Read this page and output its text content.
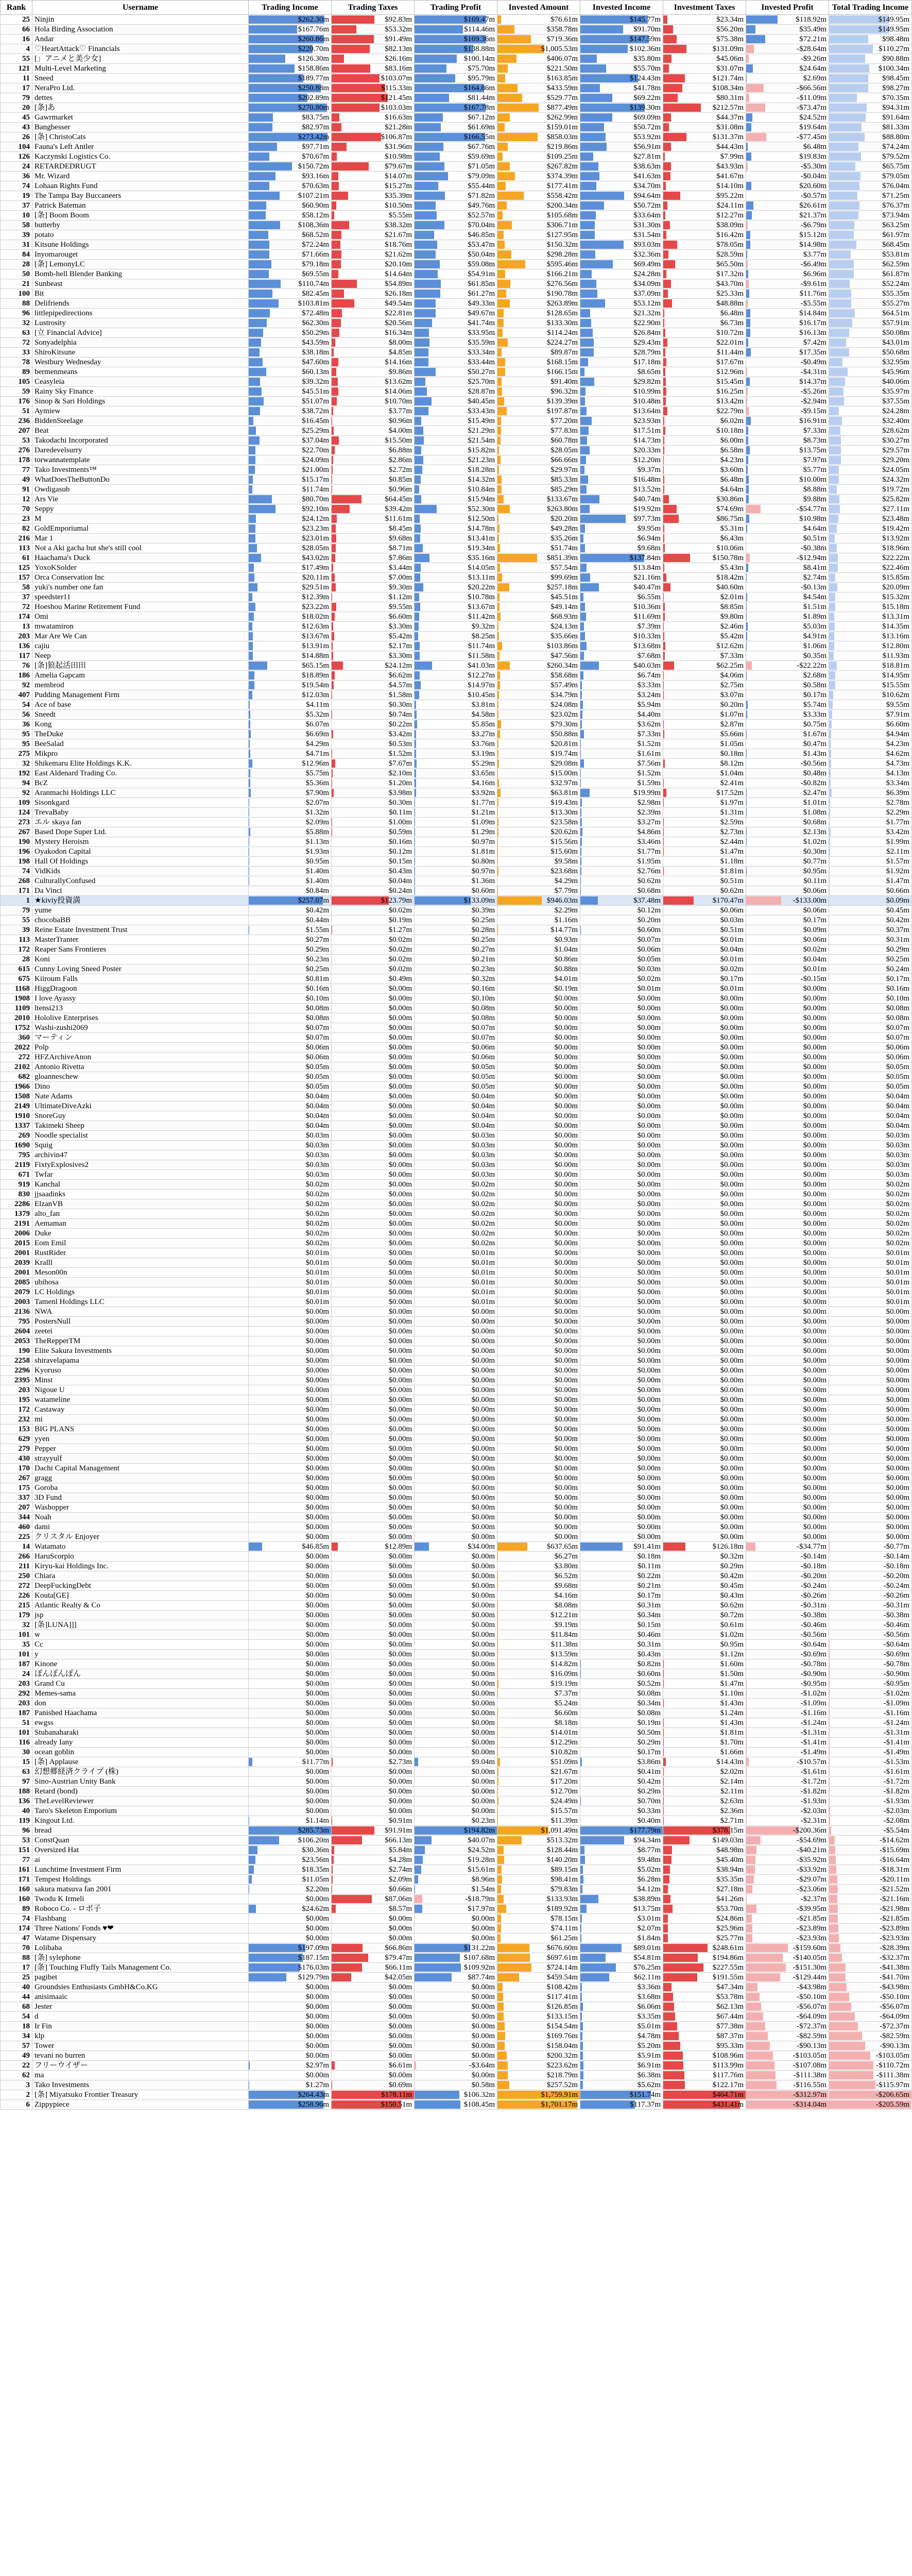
Rank	Username	Trading Income	Trading Taxes	Trading Profit	Invested Amount	Invested Income	Investment Taxes	Invested Profit	Total Trading Income
25	Ninjin	$262.30m	$92.83m	$169.47m	$76.61m	$145.77m	$23.34m	$118.92m	$149.95m
66	Hola Birding Association	$167.76m	$53.32m	$114.46m	$358.78m	$91.70m	$56.20m	$35.49m	$149.95m
16	Andar	$260.86m	$91.49m	$169.36m	$719.36m	$147.59m	$75.38m	$72.21m	$98.48m
4	♡HeartAttack♡ Financials	$220.70m	$82.13m	$138.88m	$1,005.53m	$102.36m	$131.09m	-$28.64m	$110.27m
55	[」アニメと美少女]	$126.30m	$26.16m	$100.14m	$406.07m	$35.80m	$45.06m	-$9.26m	$90.88m
121	Multi-Level Marketing	$158.86m	$83.16m	$75.70m	$221.50m	$55.70m	$31.07m	$24.64m	$100.34m
11	Sneed	$189.77m	$103.07m	$95.79m	$163.85m	$124.43m	$121.74m	$2.69m	$98.45m
17	NeraPro Ltd.	$250.88m	$115.33m	$164.86m	$433.59m	$41.78m	$108.34m	-$66.56m	$98.27m
79	dettes	$202.89m	$121.45m	$81.44m	$529.77m	$69.22m	$80.31m	-$11.09m	$70.35m
20	[条]あ	$270.80m	$103.03m	$167.78m	$877.49m	$139.30m	$212.57m	-$73.47m	$94.31m
45	Gawrmarket	$83.75m	$16.63m	$67.12m	$262.99m	$69.09m	$44.37m	$24.52m	$91.64m
43	Bangbesser	$82.97m	$21.28m	$61.69m	$159.01m	$50.72m	$31.08m	$19.64m	$81.33m
26	[条] ChristoCats	$273.42m	$106.87m	$166.55m	$858.03m	$53.92m	$131.37m	-$77.45m	$88.80m
104	Fauna's Left Antler	$97.71m	$31.96m	$67.76m	$219.86m	$56.91m	$44.43m	$6.48m	$74.24m
126	Kaczynski Logistics Co.	$70.67m	$10.98m	$59.69m	$109.25m	$27.81m	$7.99m	$19.83m	$79.52m
24	RETARDEDRUGT	$150.72m	$79.67m	$71.05m	$267.82m	$38.63m	$43.93m	-$5.30m	$65.75m
36	Mr. Wizard	$93.16m	$14.07m	$79.09m	$374.39m	$41.63m	$41.67m	-$0.04m	$79.05m
74	Lohaan Rights Fund	$70.63m	$15.27m	$55.44m	$177.41m	$34.70m	$14.10m	$20.60m	$76.04m
19	The Tampa Bay Buccaneers	$107.21m	$35.39m	$71.82m	$558.42m	$94.64m	$95.22m	-$0.57m	$71.25m
37	Patrick Bateman	$60.90m	$10.50m	$49.76m	$200.34m	$50.72m	$24.11m	$26.61m	$76.37m
10	[条] Boom Boom	$58.12m	$5.55m	$52.57m	$105.68m	$33.64m	$12.27m	$21.37m	$73.94m
58	butterby	$108.36m	$38.32m	$70.04m	$306.71m	$31.30m	$38.09m	-$6.79m	$63.25m
39	potato	$68.52m	$21.67m	$46.85m	$127.95m	$31.54m	$16.42m	$15.12m	$61.97m
31	Kitsune Holdings	$72.24m	$18.76m	$53.47m	$150.32m	$93.03m	$78.05m	$14.98m	$68.45m
84	Inyomarouget	$71.66m	$21.62m	$50.04m	$298.28m	$32.36m	$28.59m	$3.77m	$53.81m
28	[条] LemonyLC	$79.18m	$20.10m	$59.08m	$595.46m	$69.49m	$65.50m	-$6.49m	$62.59m
50	Bomb-hell Blender Banking	$69.55m	$14.64m	$54.91m	$166.21m	$24.28m	$17.32m	$6.96m	$61.87m
21	Sunbeast	$110.74m	$54.89m	$61.85m	$276.56m	$34.09m	$43.70m	-$9.61m	$52.24m
100	Bit	$82.45m	$26.18m	$61.27m	$190.78m	$37.09m	$25.33m	$11.76m	$55.35m
88	Delifriends	$103.81m	$49.54m	$49.33m	$263.89m	$53.12m	$48.88m	-$5.55m	$55.27m
96	littlepipedirections	$72.48m	$22.81m	$49.67m	$128.65m	$21.32m	$6.48m	$14.84m	$64.51m
32	Lustrosity	$62.30m	$20.56m	$41.74m	$133.30m	$22.90m	$6.73m	$16.17m	$57.91m
63	[立 Financial Advice]	$50.29m	$16.34m	$33.95m	$114.24m	$26.84m	$10.72m	$16.13m	$50.08m
72	Sonyadelphia	$43.59m	$8.00m	$35.59m	$224.27m	$29.43m	$22.01m	$7.42m	$43.01m
33	ShiroKitsune	$38.18m	$4.85m	$33.34m	$89.87m	$28.79m	$11.44m	$17.35m	$50.68m
78	Westbury Wednesday	$47.60m	$14.16m	$33.44m	$168.15m	$17.18m	$17.67m	-$0.49m	$32.95m
89	bermenmeans	$60.13m	$9.86m	$50.27m	$166.15m	$8.65m	$12.96m	-$4.31m	$45.96m
105	Ceasyleia	$39.32m	$13.62m	$25.70m	$91.40m	$29.82m	$15.45m	$14.37m	$40.06m
59	Rainy Sky Finance	$45.51m	$14.06m	$28.87m	$96.32m	$10.99m	$16.25m	-$5.26m	$35.97m
176	Sinop & Sari Holdings	$51.07m	$10.70m	$40.45m	$139.39m	$10.48m	$13.42m	-$2.94m	$37.55m
51	Aymiew	$38.72m	$3.77m	$33.43m	$197.87m	$13.64m	$22.79m	-$9.15m	$24.28m
236	BiddenSteelage	$16.45m	$0.96m	$15.49m	$77.20m	$23.93m	$6.02m	$16.91m	$32.40m
207	Beat	$25.29m	$4.00m	$21.29m	$77.83m	$17.51m	$10.18m	$7.33m	$28.62m
53	Takodachi Incorporated	$37.04m	$15.50m	$21.54m	$60.78m	$14.73m	$6.00m	$8.73m	$30.27m
276	Daredevelsurry	$22.70m	$6.88m	$15.82m	$28.05m	$20.33m	$6.58m	$13.75m	$29.57m
178	torwannatemplate	$24.09m	$2.86m	$21.23m	$66.66m	$12.20m	$4.23m	$7.97m	$29.20m
77	Tako Investments™	$21.00m	$2.72m	$18.28m	$29.97m	$9.37m	$3.60m	$5.77m	$24.05m
49	WhatDoesTheButtonDo	$15.17m	$0.85m	$14.32m	$85.33m	$16.48m	$6.48m	$10.00m	$24.32m
91	Owdigasub	$11.74m	$0.96m	$10.84m	$85.29m	$13.52m	$4.64m	$8.88m	$19.72m
12	Ars Vie	$80.70m	$64.45m	$15.94m	$133.67m	$40.74m	$30.86m	$9.88m	$25.82m
70	Seppy	$92.10m	$39.42m	$52.30m	$263.80m	$19.92m	$74.69m	-$54.77m	$27.11m
23	M	$24.12m	$11.61m	$12.50m	$20.20m	$97.73m	$86.75m	$10.98m	$23.48m
82	GoldEmporiumal	$23.23m	$8.45m	$14.78m	$49.28m	$9.95m	$5.31m	$4.64m	$19.42m
216	Mar 1	$23.01m	$9.68m	$13.41m	$35.26m	$6.94m	$6.43m	$0.51m	$13.92m
113	Not a Aki gacha but she's still cool	$28.05m	$8.71m	$19.34m	$51.74m	$9.68m	$10.06m	-$0.38m	$18.96m
61	Haachama's Duck	$43.02m	$7.86m	$35.16m	$851.39m	$137.84m	$150.78m	-$12.94m	$22.22m
125	YoxoKSolder	$17.49m	$3.44m	$14.05m	$57.54m	$13.84m	$5.43m	$8.41m	$22.46m
157	Orca Conservation Inc	$20.11m	$7.00m	$13.11m	$99.69m	$21.16m	$18.42m	$2.74m	$15.85m
58	yuki's number one fan	$29.51m	$9.30m	$20.22m	$257.18m	$40.47m	$40.60m	-$0.13m	$20.09m
37	speedster11	$12.39m	$1.12m	$10.78m	$45.51m	$6.55m	$2.01m	$4.54m	$15.32m
72	Hoeshou Marine Retirement Fund	$23.22m	$9.55m	$13.67m	$49.14m	$10.36m	$8.85m	$1.51m	$15.18m
174	Omi	$18.02m	$6.60m	$11.42m	$68.93m	$11.69m	$9.80m	$1.89m	$13.31m
13	mwatamiron	$12.63m	$3.30m	$9.32m	$24.13m	$7.39m	$2.46m	$5.03m	$14.35m
203	Mar Are We Can	$13.67m	$5.42m	$8.25m	$35.66m	$10.33m	$5.42m	$4.91m	$13.16m
136	cajiu	$13.91m	$2.17m	$11.74m	$103.86m	$13.68m	$12.62m	$1.06m	$12.80m
117	Neep	$14.88m	$3.30m	$11.58m	$47.56m	$7.68m	$7.33m	$0.35m	$11.93m
76	[条]狼起活田田	$65.15m	$24.12m	$41.03m	$260.34m	$40.03m	$62.25m	-$22.22m	$18.81m
186	Amelia Gapcam	$18.89m	$6.62m	$12.27m	$58.68m	$6.74m	$4.06m	$2.68m	$14.95m
92	membrod	$19.54m	$4.57m	$14.97m	$57.49m	$3.33m	$2.75m	$0.58m	$15.55m
407	Pudding Management Firm	$12.03m	$1.58m	$10.45m	$34.79m	$3.24m	$3.07m	$0.17m	$10.62m
54	Ace of base	$4.11m	$0.30m	$3.81m	$24.08m	$5.94m	$0.20m	$5.74m	$9.55m
56	Sneedt	$5.32m	$0.74m	$4.58m	$23.02m	$4.40m	$1.07m	$3.33m	$7.91m
36	Kong	$6.07m	$0.22m	$5.85m	$79.30m	$3.62m	$2.87m	$0.75m	$6.60m
95	TheDuke	$6.69m	$3.42m	$3.27m	$50.88m	$7.33m	$5.66m	$1.67m	$4.94m
95	BeeSalad	$4.29m	$0.53m	$3.76m	$20.81m	$1.52m	$1.05m	$0.47m	$4.23m
275	Mikpro	$4.71m	$1.52m	$3.19m	$19.74m	$1.61m	$0.18m	$1.43m	$4.62m
32	Shikemaru Elite Holdings K.K.	$12.96m	$7.67m	$5.29m	$29.08m	$7.56m	$8.12m	-$0.56m	$4.73m
192	East Aldenard Trading Co.	$5.75m	$2.10m	$3.65m	$15.00m	$1.52m	$1.04m	$0.48m	$4.13m
94	BcZ	$5.36m	$1.20m	$4.16m	$32.97m	$1.59m	$2.41m	-$0.82m	$3.34m
92	Aranmachi Holdings LLC	$7.90m	$3.98m	$3.92m	$63.81m	$19.99m	$17.52m	$2.47m	$6.39m
109	Sisonkgard	$2.07m	$0.30m	$1.77m	$19.43m	$2.98m	$1.97m	$1.01m	$2.78m
124	TrevaBaby	$1.32m	$0.11m	$1.21m	$13.30m	$2.39m	$1.31m	$1.08m	$2.29m
273	エル skaya fan	$2.09m	$1.00m	$1.09m	$23.58m	$3.27m	$2.59m	$0.68m	$1.77m
267	Based Dope Super Ltd.	$5.88m	$0.59m	$1.29m	$20.62m	$4.86m	$2.73m	$2.13m	$3.42m
190	Mystery Heroism	$1.13m	$0.16m	$0.97m	$15.56m	$3.46m	$2.44m	$1.02m	$1.99m
196	Oyakodon Capital	$1.93m	$0.12m	$1.81m	$15.60m	$1.77m	$1.47m	$0.30m	$2.11m
198	Hall Of Holdings	$0.95m	$0.15m	$0.80m	$9.58m	$1.95m	$1.18m	$0.77m	$1.57m
74	VidKids	$1.40m	$0.43m	$0.97m	$23.68m	$2.76m	$1.81m	$0.95m	$1.92m
268	CulturallyConfused	$1.40m	$0.04m	$1.36m	$4.29m	$0.62m	$0.51m	$0.11m	$1.47m
171	Da Vinci	$0.84m	$0.24m	$0.60m	$7.79m	$0.68m	$0.62m	$0.06m	$0.66m
1	★kiviy投資満	$257.07m	$123.79m	$133.09m	$946.03m	$37.48m	$170.47m	-$133.00m	$0.09m
79	yume	$0.42m	$0.02m	$0.39m	$2.29m	$0.12m	$0.06m	$0.06m	$0.45m
55	chocobaBB	$0.44m	$0.19m	$0.25m	$1.16m	$0.20m	$0.03m	$0.17m	$0.42m
39	Reine Estate Investment Trust	$1.55m	$1.27m	$0.28m	$14.77m	$0.60m	$0.51m	$0.09m	$0.37m
113	MasterTranter	$0.27m	$0.02m	$0.25m	$0.93m	$0.07m	$0.01m	$0.06m	$0.31m
172	Reaper Sans Frontieres	$0.29m	$0.02m	$0.27m	$1.04m	$0.06m	$0.04m	$0.02m	$0.29m
28	Koni	$0.23m	$0.02m	$0.21m	$0.86m	$0.05m	$0.01m	$0.04m	$0.25m
615	Cunny Loving Sneed Poster	$0.25m	$0.02m	$0.23m	$0.88m	$0.03m	$0.02m	$0.01m	$0.24m
675	Kiiroum Falls	$0.81m	$0.49m	$0.32m	$4.01m	$0.02m	$0.17m	-$0.15m	$0.17m
1168	HiggDragoon	$0.16m	$0.00m	$0.16m	$0.19m	$0.01m	$0.01m	$0.00m	$0.16m
1908	I love Ayassy	$0.10m	$0.00m	$0.10m	$0.00m	$0.00m	$0.00m	$0.00m	$0.10m
1109	ltensi213	$0.08m	$0.00m	$0.08m	$0.00m	$0.00m	$0.00m	$0.00m	$0.08m
2010	Hololive Enterprises	$0.08m	$0.00m	$0.08m	$0.00m	$0.00m	$0.00m	$0.00m	$0.08m
1752	Washi-zushi2069	$0.07m	$0.00m	$0.07m	$0.00m	$0.00m	$0.00m	$0.00m	$0.07m
360	マーティン	$0.07m	$0.00m	$0.07m	$0.00m	$0.00m	$0.00m	$0.00m	$0.07m
2022	Polp	$0.06m	$0.00m	$0.06m	$0.00m	$0.00m	$0.00m	$0.00m	$0.06m
272	HFZArchiveAnon	$0.06m	$0.00m	$0.06m	$0.00m	$0.00m	$0.00m	$0.00m	$0.06m
2102	Antonio Rivetta	$0.05m	$0.00m	$0.05m	$0.00m	$0.00m	$0.00m	$0.00m	$0.05m
682	gloanneschew	$0.05m	$0.00m	$0.05m	$0.00m	$0.00m	$0.00m	$0.00m	$0.05m
1966	Dino	$0.05m	$0.00m	$0.05m	$0.00m	$0.00m	$0.00m	$0.00m	$0.05m
1508	Nate Adams	$0.04m	$0.00m	$0.04m	$0.00m	$0.00m	$0.00m	$0.00m	$0.04m
2149	UltimateDiveAzki	$0.04m	$0.00m	$0.04m	$0.00m	$0.00m	$0.00m	$0.00m	$0.04m
1910	SnoreGuy	$0.04m	$0.00m	$0.04m	$0.00m	$0.00m	$0.00m	$0.00m	$0.04m
1337	Takimeki Sheep	$0.04m	$0.00m	$0.04m	$0.00m	$0.00m	$0.00m	$0.00m	$0.04m
269	Noodle specialist	$0.03m	$0.00m	$0.03m	$0.00m	$0.00m	$0.00m	$0.00m	$0.03m
1690	Squig	$0.03m	$0.00m	$0.03m	$0.00m	$0.00m	$0.00m	$0.00m	$0.03m
795	archivin47	$0.03m	$0.00m	$0.03m	$0.00m	$0.00m	$0.00m	$0.00m	$0.03m
2119	FixtyExplosives2	$0.03m	$0.00m	$0.03m	$0.00m	$0.00m	$0.00m	$0.00m	$0.03m
671	Twfar	$0.03m	$0.00m	$0.03m	$0.00m	$0.00m	$0.00m	$0.00m	$0.03m
919	Kanchal	$0.02m	$0.00m	$0.02m	$0.00m	$0.00m	$0.00m	$0.00m	$0.02m
830	jjsaadinks	$0.02m	$0.00m	$0.02m	$0.00m	$0.00m	$0.00m	$0.00m	$0.02m
2286	ElzanVB	$0.02m	$0.00m	$0.02m	$0.00m	$0.00m	$0.00m	$0.00m	$0.02m
1379	alto_fan	$0.02m	$0.00m	$0.02m	$0.00m	$0.00m	$0.00m	$0.00m	$0.02m
2191	Aemaman	$0.02m	$0.00m	$0.02m	$0.00m	$0.00m	$0.00m	$0.00m	$0.02m
2006	Duke	$0.02m	$0.00m	$0.02m	$0.00m	$0.00m	$0.00m	$0.00m	$0.02m
2015	Eom Emil	$0.02m	$0.00m	$0.02m	$0.00m	$0.00m	$0.00m	$0.00m	$0.02m
2001	RustRider	$0.01m	$0.00m	$0.01m	$0.00m	$0.00m	$0.00m	$0.00m	$0.01m
2039	Kralll	$0.01m	$0.00m	$0.01m	$0.00m	$0.00m	$0.00m	$0.00m	$0.01m
2001	Meson00n	$0.01m	$0.00m	$0.01m	$0.00m	$0.00m	$0.00m	$0.00m	$0.01m
2085	ubihosa	$0.01m	$0.00m	$0.01m	$0.00m	$0.00m	$0.00m	$0.00m	$0.01m
2079	LC Holdings	$0.01m	$0.00m	$0.01m	$0.00m	$0.00m	$0.00m	$0.00m	$0.01m
2003	Tamenl Holdings LLC	$0.01m	$0.00m	$0.01m	$0.00m	$0.00m	$0.00m	$0.00m	$0.01m
2136	NWA	$0.00m	$0.00m	$0.00m	$0.00m	$0.00m	$0.00m	$0.00m	$0.00m
795	PostersNull	$0.00m	$0.00m	$0.00m	$0.00m	$0.00m	$0.00m	$0.00m	$0.00m
2604	zeetei	$0.00m	$0.00m	$0.00m	$0.00m	$0.00m	$0.00m	$0.00m	$0.00m
2053	TheRepperTM	$0.00m	$0.00m	$0.00m	$0.00m	$0.00m	$0.00m	$0.00m	$0.00m
190	Elite Sakura Investments	$0.00m	$0.00m	$0.00m	$0.00m	$0.00m	$0.00m	$0.00m	$0.00m
2258	shiravelapama	$0.00m	$0.00m	$0.00m	$0.00m	$0.00m	$0.00m	$0.00m	$0.00m
2296	Kyoruso	$0.00m	$0.00m	$0.00m	$0.00m	$0.00m	$0.00m	$0.00m	$0.00m
2395	Minst	$0.00m	$0.00m	$0.00m	$0.00m	$0.00m	$0.00m	$0.00m	$0.00m
203	Nigoue U	$0.00m	$0.00m	$0.00m	$0.00m	$0.00m	$0.00m	$0.00m	$0.00m
195	watameline	$0.00m	$0.00m	$0.00m	$0.00m	$0.00m	$0.00m	$0.00m	$0.00m
172	Castaway	$0.00m	$0.00m	$0.00m	$0.00m	$0.00m	$0.00m	$0.00m	$0.00m
232	mi	$0.00m	$0.00m	$0.00m	$0.00m	$0.00m	$0.00m	$0.00m	$0.00m
153	BIG PLANS	$0.00m	$0.00m	$0.00m	$0.00m	$0.00m	$0.00m	$0.00m	$0.00m
629	yyen	$0.00m	$0.00m	$0.00m	$0.00m	$0.00m	$0.00m	$0.00m	$0.00m
279	Pepper	$0.00m	$0.00m	$0.00m	$0.00m	$0.00m	$0.00m	$0.00m	$0.00m
430	strayyulf	$0.00m	$0.00m	$0.00m	$0.00m	$0.00m	$0.00m	$0.00m	$0.00m
170	Dachi Capital Management	$0.00m	$0.00m	$0.00m	$0.00m	$0.00m	$0.00m	$0.00m	$0.00m
267	gragg	$0.00m	$0.00m	$0.00m	$0.00m	$0.00m	$0.00m	$0.00m	$0.00m
175	Goroba	$0.00m	$0.00m	$0.00m	$0.00m	$0.00m	$0.00m	$0.00m	$0.00m
337	3D Fund	$0.00m	$0.00m	$0.00m	$0.00m	$0.00m	$0.00m	$0.00m	$0.00m
207	Washopper	$0.00m	$0.00m	$0.00m	$0.00m	$0.00m	$0.00m	$0.00m	$0.00m
344	Noah	$0.00m	$0.00m	$0.00m	$0.00m	$0.00m	$0.00m	$0.00m	$0.00m
460	dami	$0.00m	$0.00m	$0.00m	$0.00m	$0.00m	$0.00m	$0.00m	$0.00m
225	クリスタル Enjoyer	$0.00m	$0.00m	$0.00m	$0.00m	$0.00m	$0.00m	$0.00m	$0.00m
14	Watamato	$46.85m	$12.89m	$34.00m	$637.65m	$91.41m	$126.18m	-$34.77m	-$0.77m
266	HaruScorpio	$0.00m	$0.00m	$0.00m	$6.27m	$0.18m	$0.32m	-$0.14m	-$0.14m
211	Kiryu-kai Holdings Inc.	$0.00m	$0.00m	$0.00m	$3.80m	$0.11m	$0.29m	-$0.18m	-$0.18m
250	Chiara	$0.00m	$0.00m	$0.00m	$6.52m	$0.22m	$0.42m	-$0.20m	-$0.20m
272	DeepFuckingDebt	$0.00m	$0.00m	$0.00m	$9.68m	$0.21m	$0.45m	-$0.24m	-$0.24m
226	Kouta[GE]	$0.00m	$0.00m	$0.00m	$4.16m	$0.17m	$0.43m	-$0.26m	-$0.26m
215	Atlantic Realty & Co	$0.00m	$0.00m	$0.00m	$8.08m	$0.31m	$0.62m	-$0.31m	-$0.31m
179	jsp	$0.00m	$0.00m	$0.00m	$12.21m	$0.34m	$0.72m	-$0.38m	-$0.38m
32	[条]LUNA]]]	$0.00m	$0.00m	$0.00m	$9.19m	$0.15m	$0.61m	-$0.46m	-$0.46m
101	w	$0.00m	$0.00m	$0.00m	$11.84m	$0.46m	$1.02m	-$0.56m	-$0.56m
35	Cc	$0.00m	$0.00m	$0.00m	$11.38m	$0.31m	$0.95m	-$0.64m	-$0.64m
101	y	$0.00m	$0.00m	$0.00m	$13.59m	$0.43m	$1.12m	-$0.69m	-$0.69m
187	Kinone	$0.00m	$0.00m	$0.00m	$14.82m	$0.82m	$1.60m	-$0.78m	-$0.78m
24	ぽんぽんぽん	$0.00m	$0.00m	$0.00m	$16.09m	$0.60m	$1.50m	-$0.90m	-$0.90m
203	Grand Cu	$0.00m	$0.00m	$0.00m	$19.19m	$0.52m	$1.47m	-$0.95m	-$0.95m
292	Memes-sama	$0.00m	$0.00m	$0.00m	$7.37m	$0.08m	$1.10m	-$1.02m	-$1.02m
203	don	$0.00m	$0.00m	$0.00m	$5.24m	$0.34m	$1.43m	-$1.09m	-$1.09m
187	Panished Haachama	$0.00m	$0.00m	$0.00m	$6.60m	$0.08m	$1.24m	-$1.16m	-$1.16m
51	ewgss	$0.00m	$0.00m	$0.00m	$8.18m	$0.19m	$1.43m	-$1.24m	-$1.24m
101	Stubanaharaki	$0.00m	$0.00m	$0.00m	$14.01m	$0.50m	$1.81m	-$1.31m	-$1.31m
116	already Iany	$0.00m	$0.00m	$0.00m	$12.29m	$0.29m	$1.70m	-$1.41m	-$1.41m
30	ocean goblin	$0.00m	$0.00m	$0.00m	$10.82m	$0.17m	$1.66m	-$1.49m	-$1.49m
15	[条] Applause	$11.77m	$2.73m	$9.04m	$51.09m	$3.86m	$14.43m	-$10.57m	-$1.53m
63	幻想郷経済クライプ (株)	$0.00m	$0.00m	$0.00m	$21.67m	$0.41m	$2.02m	-$1.61m	-$1.61m
97	Sino-Austrian Unity Bank	$0.00m	$0.00m	$0.00m	$17.20m	$0.42m	$2.14m	-$1.72m	-$1.72m
188	Retard (bond)	$0.00m	$0.00m	$0.00m	$12.70m	$0.29m	$2.11m	-$1.82m	-$1.82m
136	TheLevelReviewer	$0.00m	$0.00m	$0.00m	$24.49m	$0.70m	$2.63m	-$1.93m	-$1.93m
40	Taro's Skeleton Emporium	$0.00m	$0.00m	$0.00m	$15.57m	$0.33m	$2.36m	-$2.03m	-$2.03m
119	Kingout Ltd.	$1.14m	$0.91m	$0.23m	$11.39m	$0.40m	$2.71m	-$2.31m	-$2.08m
96	bread	$285.73m	$91.91m	$194.82m	$1,091.49m	$177.79m	$378.15m	-$200.36m	-$5.54m
53	ConstQuan	$106.20m	$66.13m	$40.07m	$513.32m	$94.34m	$149.03m	-$54.69m	-$14.62m
151	Oversized Hat	$30.36m	$5.84m	$24.52m	$128.44m	$8.77m	$48.98m	-$40.21m	-$15.69m
77	ai	$23.56m	$4.28m	$19.28m	$140.20m	$9.48m	$45.40m	-$35.92m	-$16.64m
161	Lunchtime Investment Firm	$18.35m	$2.74m	$15.61m	$89.15m	$5.02m	$38.94m	-$33.92m	-$18.31m
171	Tempest Holdings	$11.05m	$2.09m	$8.96m	$98.41m	$6.28m	$35.35m	-$29.07m	-$20.11m
160	sakura matsuva fan 2001	$2.20m	$0.66m	$1.54m	$79.83m	$4.12m	$27.18m	-$23.06m	-$21.52m
160	Twodu K Irmeli	$0.00m	$87.06m	-$18.79m	$133.93m	$38.89m	$41.26m	-$2.37m	-$21.16m
89	Roboco Co. - ロボ子	$24.62m	$8.57m	$17.97m	$189.92m	$13.75m	$53.70m	-$39.95m	-$21.98m
74	Flashbang	$0.00m	$0.00m	$0.00m	$78.15m	$3.01m	$24.86m	-$21.85m	-$21.85m
174	Three Nations' Fonds ♥❤	$0.00m	$0.00m	$0.00m	$74.11m	$2.07m	$25.96m	-$23.89m	-$23.89m
47	Watame Dispensary	$0.00m	$0.00m	$0.00m	$61.25m	$1.84m	$25.77m	-$23.93m	-$23.93m
70	Lolibaba	$197.09m	$66.86m	$131.22m	$676.60m	$89.01m	$248.61m	-$159.60m	-$28.39m
88	[条] sylephone	$187.15m	$79.47m	$107.68m	$697.61m	$54.81m	$194.86m	-$140.05m	-$32.37m
17	[条] Touching Fluffy Tails Management Co.	$176.03m	$66.11m	$109.92m	$724.14m	$76.25m	$227.55m	-$151.30m	-$41.38m
25	pagibet	$129.79m	$42.05m	$87.74m	$459.54m	$62.11m	$191.55m	-$129.44m	-$41.70m
40	Groundsies Enthusiasts GmbH&Co.KG	$0.00m	$0.00m	$0.00m	$108.42m	$3.36m	$47.34m	-$43.98m	-$43.98m
44	anisimaaic	$0.00m	$0.00m	$0.00m	$117.41m	$3.68m	$53.78m	-$50.10m	-$50.10m
68	Jester	$0.00m	$0.00m	$0.00m	$126.85m	$6.06m	$62.13m	-$56.07m	-$56.07m
54	d	$0.00m	$0.00m	$0.00m	$133.15m	$3.35m	$67.44m	-$64.09m	-$64.09m
18	Ir Fin	$0.00m	$0.00m	$0.00m	$154.54m	$5.01m	$77.38m	-$72.37m	-$72.37m
34	klp	$0.00m	$0.00m	$0.00m	$169.76m	$4.78m	$87.37m	-$82.59m	-$82.59m
57	Tower	$0.00m	$0.00m	$0.00m	$158.04m	$5.20m	$95.33m	-$90.13m	-$90.13m
49	tevani no burren	$0.00m	$0.00m	$0.00m	$200.32m	$5.91m	$108.96m	-$103.05m	-$103.05m
22	フリーウイザー	$2.97m	$6.61m	-$3.64m	$223.62m	$6.91m	$113.99m	-$107.08m	-$110.72m
62	ma	$0.00m	$0.00m	$0.00m	$218.79m	$6.38m	$117.76m	-$111.38m	-$111.38m
3	Tako Investments	$1.27m	$0.69m	$0.58m	$257.52m	$5.62m	$122.17m	-$116.55m	-$115.97m
2	[条] Miyatsuko Frontier Treasury	$264.43m	$178.11m	$106.32m	$1,759.91m	$151.74m	$464.71m	-$312.97m	-$206.65m
6	Zippypiece	$258.96m	$150.51m	$108.45m	$1,701.17m	$117.37m	$431.41m	-$314.04m	-$205.59m
